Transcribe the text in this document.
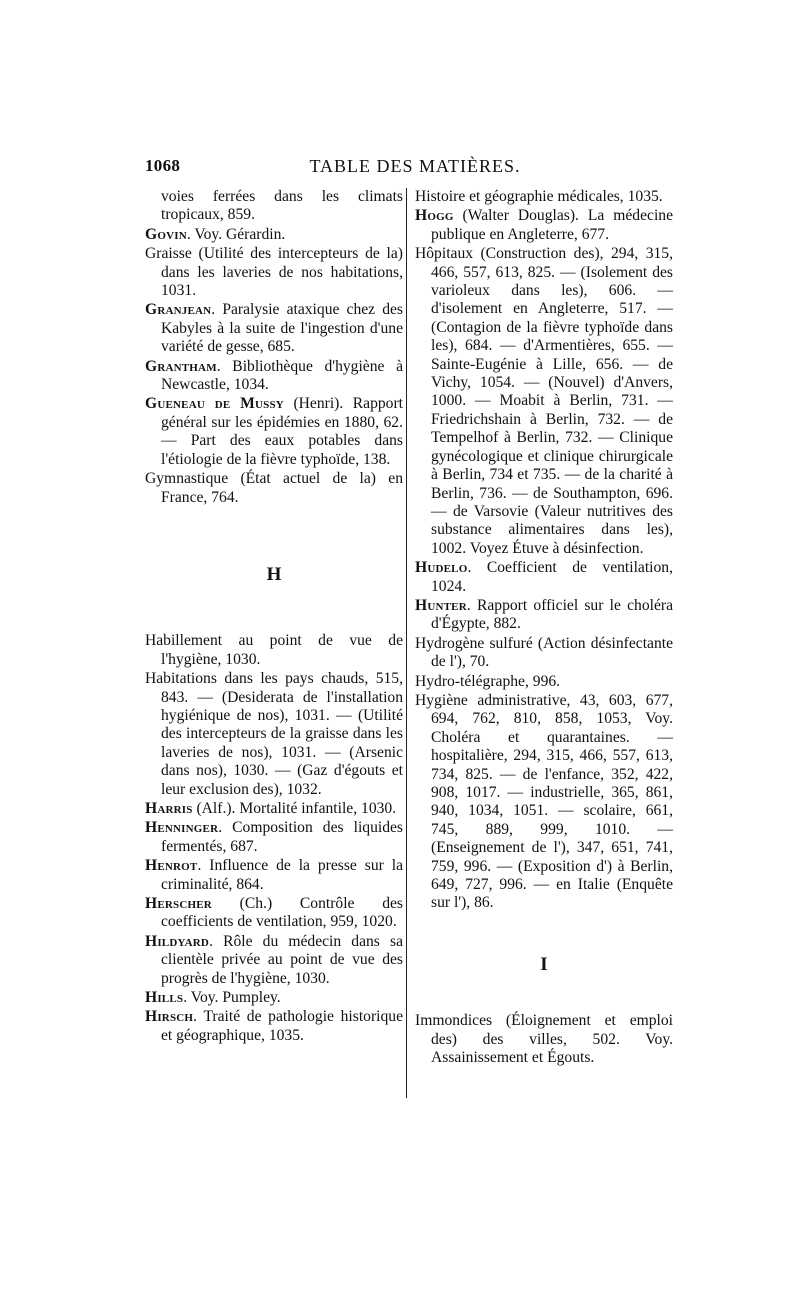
1068	TABLE DES MATIÈRES.

voies ferrées dans les climats tropicaux, 859.

Govin. Voy. Gérardin.

Graisse (Utilité des intercepteurs de la) dans les laveries de nos habitations, 1031.

Granjean. Paralysie ataxique chez des Kabyles à la suite de l'ingestion d'une variété de gesse, 685.

Grantham. Bibliothèque d'hygiène à Newcastle, 1034.

Gueneau de Mussy (Henri). Rapport général sur les épidémies en 1880, 62. — Part des eaux potables dans l'étiologie de la fièvre typhoïde, 138.

Gymnastique (État actuel de la) en France, 764.

H

Habillement au point de vue de l'hygiène, 1030.

Habitations dans les pays chauds, 515, 843. — (Desiderata de l'installation hygiénique de nos), 1031. — (Utilité des intercepteurs de la graisse dans les laveries de nos), 1031. — (Arsenic dans nos), 1030. — (Gaz d'égouts et leur exclusion des), 1032.

Harris (Alf.). Mortalité infantile, 1030.

Henninger. Composition des liquides fermentés, 687.

Henrot. Influence de la presse sur la criminalité, 864.

Herscher (Ch.) Contrôle des coefficients de ventilation, 959, 1020.

Hildyard. Rôle du médecin dans sa clientèle privée au point de vue des progrès de l'hygiène, 1030.

Hills. Voy. Pumpley.

Hirsch. Traité de pathologie historique et géographique, 1035.

Histoire et géographie médicales, 1035.

Hogg (Walter Douglas). La médecine publique en Angleterre, 677.

Hôpitaux (Construction des), 294, 315, 466, 557, 613, 825. — (Isolement des varioleux dans les), 606. — d'isolement en Angleterre, 517. — (Contagion de la fièvre typhoïde dans les), 684. — d'Armentières, 655. — Sainte-Eugénie à Lille, 656. — de Vichy, 1054. — (Nouvel) d'Anvers, 1000. — Moabit à Berlin, 731. — Friedrichshain à Berlin, 732. — de Tempelhof à Berlin, 732. — Clinique gynécologique et clinique chirurgicale à Berlin, 734 et 735. — de la charité à Berlin, 736. — de Southampton, 696. — de Varsovie (Valeur nutritives des substance alimentaires dans les), 1002. Voyez Étuve à désinfection.

Hudelo. Coefficient de ventilation, 1024.

Hunter. Rapport officiel sur le choléra d'Égypte, 882.

Hydrogène sulfuré (Action désinfectante de l'), 70.

Hydro-télégraphe, 996.

Hygiène administrative, 43, 603, 677, 694, 762, 810, 858, 1053, Voy. Choléra et quarantaines. — hospitalière, 294, 315, 466, 557, 613, 734, 825. — de l'enfance, 352, 422, 908, 1017. — industrielle, 365, 861, 940, 1034, 1051. — scolaire, 661, 745, 889, 999, 1010. — (Enseignement de l'), 347, 651, 741, 759, 996. — (Exposition d') à Berlin, 649, 727, 996. — en Italie (Enquête sur l'), 86.

I

Immondices (Éloignement et emploi des) des villes, 502. Voy. Assainissement et Égouts.
